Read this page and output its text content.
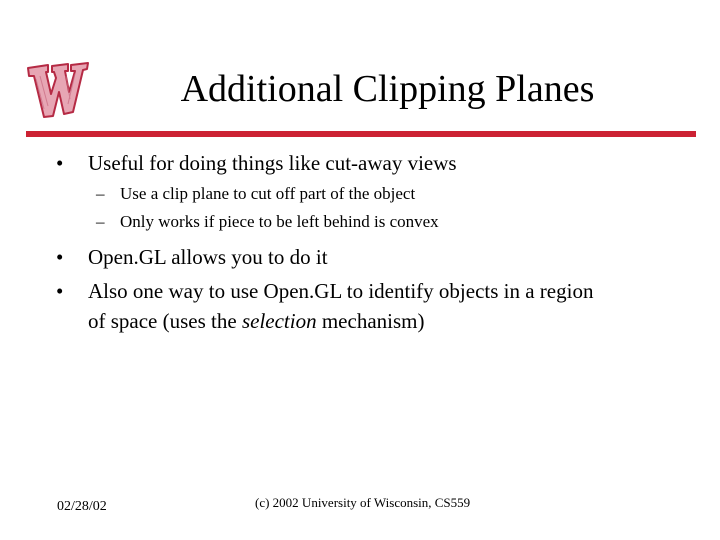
Additional Clipping Planes
• Useful for doing things like cut-away views
– Use a clip plane to cut off part of the object
– Only works if piece to be left behind is convex
• Open.GL allows you to do it
• Also one way to use Open.GL to identify objects in a region
of space (uses the selection mechanism)
02/28/02	(c) 2002 University of Wisconsin, CS559
